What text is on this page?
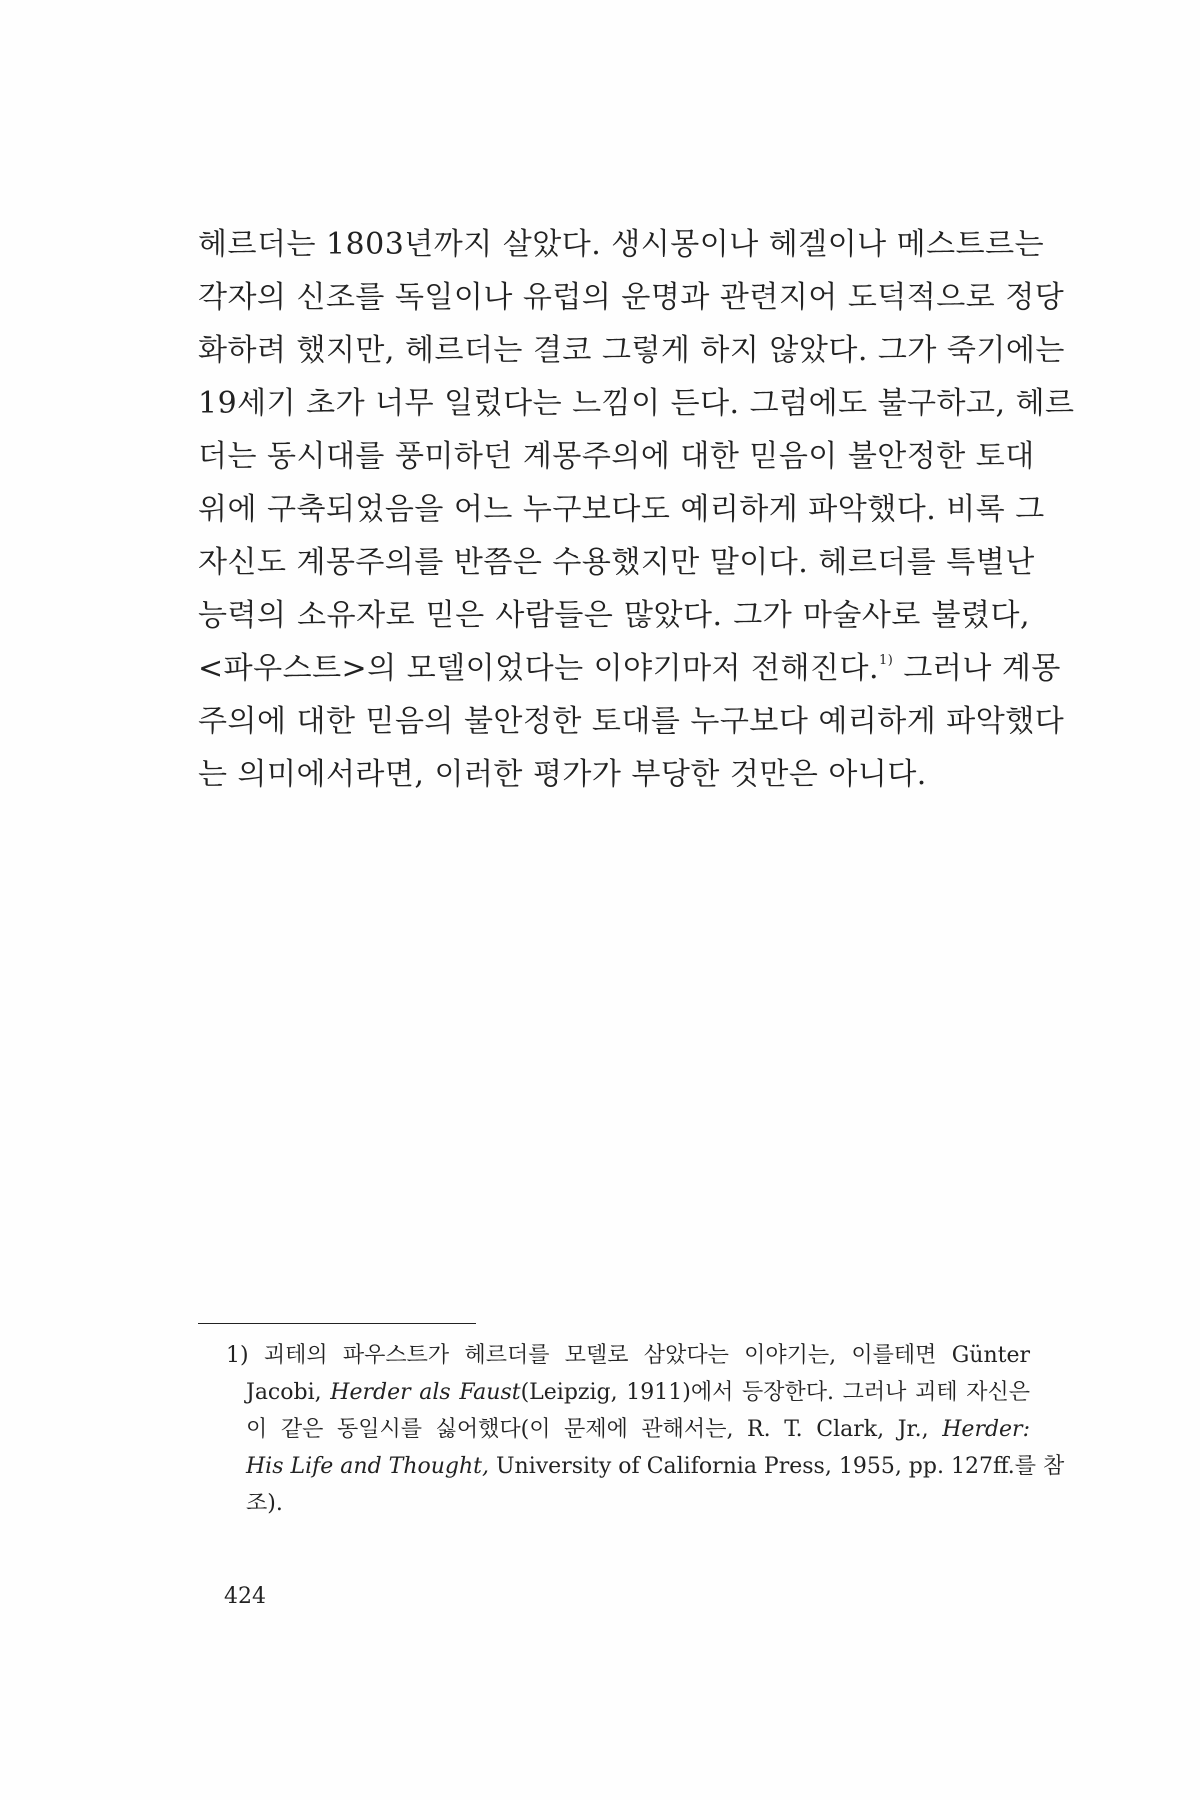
헤르더는 1803년까지 살았다. 생시몽이나 헤겔이나 메스트르는
각자의 신조를 독일이나 유럽의 운명과 관련지어 도덕적으로 정당
화하려 했지만, 헤르더는 결코 그렇게 하지 않았다. 그가 죽기에는
19세기 초가 너무 일렀다는 느낌이 든다. 그럼에도 불구하고, 헤르
더는 동시대를 풍미하던 계몽주의에 대한 믿음이 불안정한 토대
위에 구축되었음을 어느 누구보다도 예리하게 파악했다. 비록 그
자신도 계몽주의를 반쯤은 수용했지만 말이다. 헤르더를 특별난
능력의 소유자로 믿은 사람들은 많았다. 그가 마술사로 불렸다,
<파우스트>의 모델이었다는 이야기마저 전해진다.$^{1)}$ 그러나 계몽
주의에 대한 믿음의 불안정한 토대를 누구보다 예리하게 파악했다
는 의미에서라면, 이러한 평가가 부당한 것만은 아니다.
1) 괴테의 파우스트가 헤르더를 모델로 삼았다는 이야기는, 이를테면 Günter
Jacobi, Herder als Faust(Leipzig, 1911)에서 등장한다. 그러나 괴테 자신은
이 같은 동일시를 싫어했다(이 문제에 관해서는, R. T. Clark, Jr., Herder:
His Life and Thought, University of California Press, 1955, pp. 127ff.를 참
조).
424
